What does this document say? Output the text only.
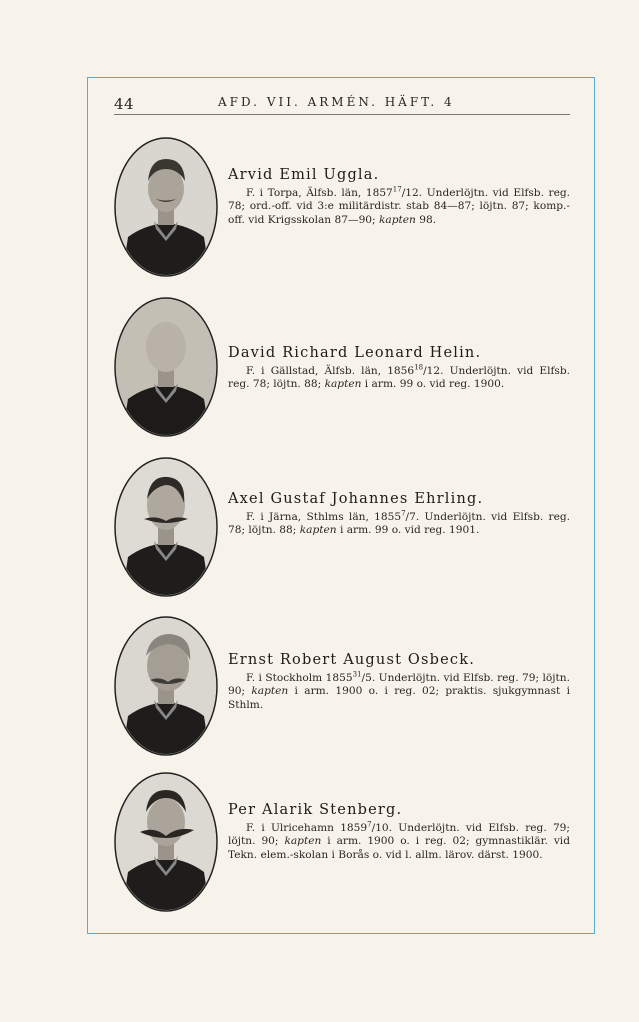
44	AFD. VII. ARMÉN. HÄFT. 4

Arvid Emil Uggla.

F. i Torpa, Älfsb. län, 1857$^{17}$/12. Underlöjtn. vid Elfsb. reg. 78; ord.-off. vid 3:e militärdistr. stab 84—87; löjtn. 87; komp.-off. vid Krigsskolan 87—90; kapten 98.

David Richard Leonard Helin.

F. i Gällstad, Älfsb. län, 1856$^{18}$/12. Underlöjtn. vid Elfsb. reg. 78; löjtn. 88; kapten i arm. 99 o. vid reg. 1900.

Axel Gustaf Johannes Ehrling.

F. i Järna, Sthlms län, 1855$^7$/7. Underlöjtn. vid Elfsb. reg. 78; löjtn. 88; kapten i arm. 99 o. vid reg. 1901.

Ernst Robert August Osbeck.

F. i Stockholm 1855$^{31}$/5. Underlöjtn. vid Elfsb. reg. 79; löjtn. 90; kapten i arm. 1900 o. i reg. 02; praktis. sjukgymnast i Sthlm.

Per Alarik Stenberg.

F. i Ulricehamn 1859$^7$/10. Underlöjtn. vid Elfsb. reg. 79; löjtn. 90; kapten i arm. 1900 o. i reg. 02; gymnastiklär. vid Tekn. elem.-skolan i Borås o. vid l. allm. lärov. därst. 1900.
